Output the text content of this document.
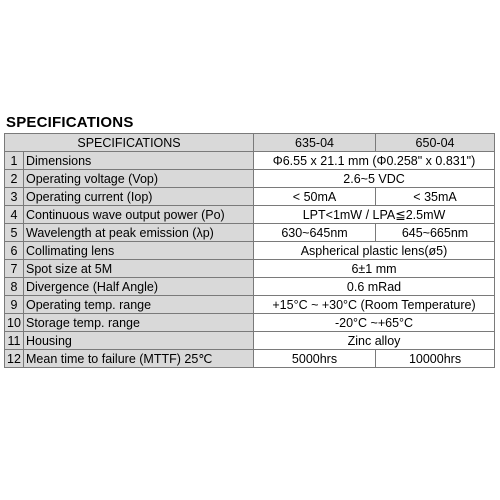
SPECIFICATIONS
SPECIFICATIONS		635-04	650-04
1	Dimensions	Φ6.55 x 21.1 mm (Φ0.258" x 0.831")	
2	Operating voltage (Vop)	2.6~5 VDC	
3	Operating current (Iop)	< 50mA	< 35mA
4	Continuous wave output power (Po)	LPT<1mW / LPA≦2.5mW	
5	Wavelength at peak emission (λp)	630~645nm	645~665nm
6	Collimating lens	Aspherical plastic lens(ø5)	
7	Spot size at 5M	6±1 mm	
8	Divergence (Half Angle)	0.6 mRad	
9	Operating temp. range	+15°C ~ +30°C (Room Temperature)	
10	Storage temp. range	-20°C ~+65°C	
11	Housing	Zinc alloy	
12	Mean time to failure (MTTF) 25℃	5000hrs	10000hrs
